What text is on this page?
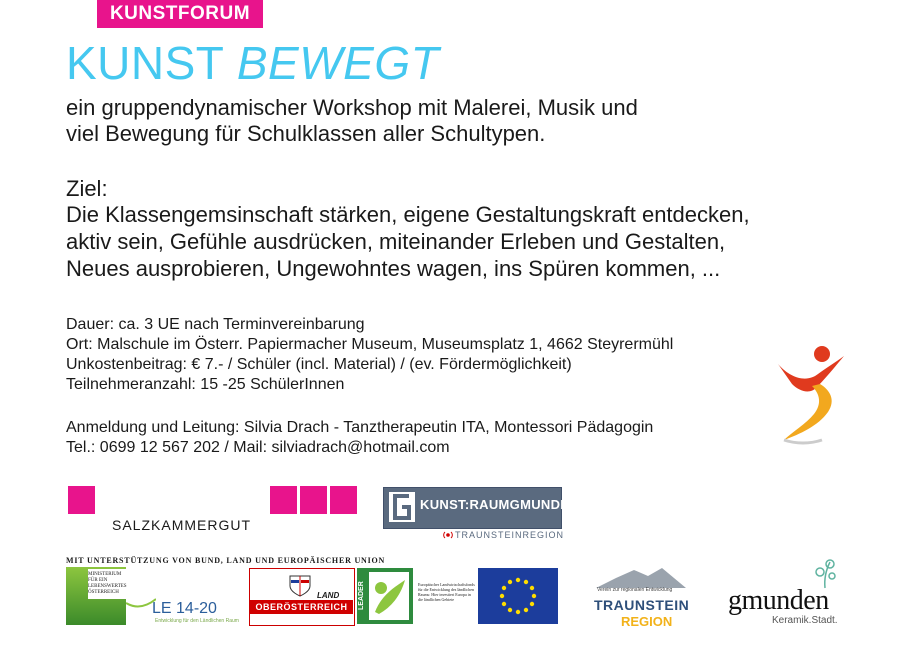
KUNST BEWEGT
ein gruppendynamischer Workshop mit Malerei, Musik und
viel Bewegung für Schulklassen aller Schultypen.
Ziel:
Die Klassengemsinschaft stärken, eigene Gestaltungskraft entdecken,
aktiv sein, Gefühle ausdrücken, miteinander Erleben und Gestalten,
Neues ausprobieren, Ungewohntes wagen, ins Spüren kommen, ...
Dauer: ca. 3 UE nach Terminvereinbarung
Ort: Malschule im Österr. Papiermacher Museum, Museumsplatz 1, 4662 Steyrermühl
Unkostenbeitrag: € 7.- / Schüler (incl. Material) / (ev. Fördermöglichkeit)
Teilnehmeranzahl: 15 -25 SchülerInnen
Anmeldung und Leitung: Silvia Drach - Tanztherapeutin ITA, Montessori Pädagogin
Tel.: 0699 12 567 202 / Mail: silviadrach@hotmail.com
KUNSTFORUM
SALZKAMMERGUT
KUNST:RAUMGMUNDEN
TRAUNSTEINREGION
MIT UNTERSTÜTZUNG VON BUND, LAND UND EUROPÄISCHER UNION
MINISTERIUM FÜR EIN LEBENSWERTES ÖSTERREICH
LE 14-20
Entwicklung für den Ländlichen Raum
LAND
OBERÖSTERREICH	LEADER	Europäischer Landwirtschaftsfonds für die Entwicklung des ländlichen Raums: Hier investiert Europa in die ländlichen Gebiete
Verein zur regionalen Entwicklung
TRAUNSTEIN
REGION
gmunden
Keramik.Stadt.
